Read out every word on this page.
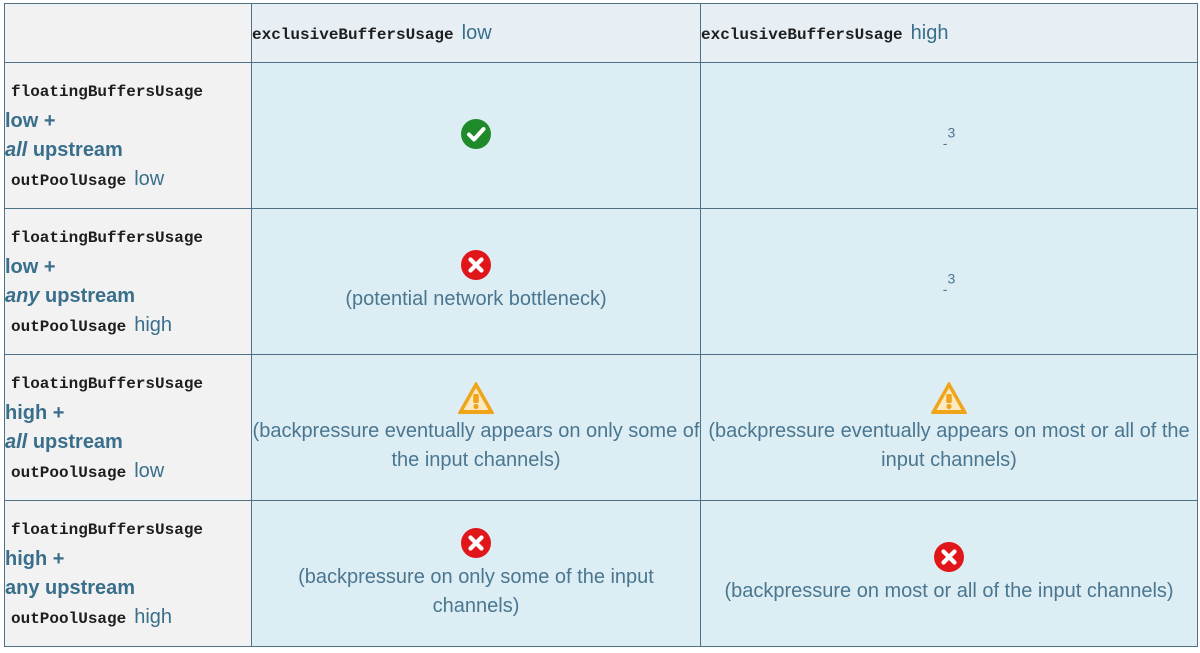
	exclusiveBuffersUsage low	exclusiveBuffersUsage high

floatingBuffersUsage
low +
all upstream
outPoolUsage low		-$^3$

floatingBuffersUsage
low +
any upstream
outPoolUsage high	(potential network bottleneck)	-$^3$

floatingBuffersUsage
high +
all upstream
outPoolUsage low	(backpressure eventually appears on only some of the input channels)	(backpressure eventually appears on most or all of the input channels)

floatingBuffersUsage
high +
any upstream
outPoolUsage high	(backpressure on only some of the input channels)	(backpressure on most or all of the input channels)
